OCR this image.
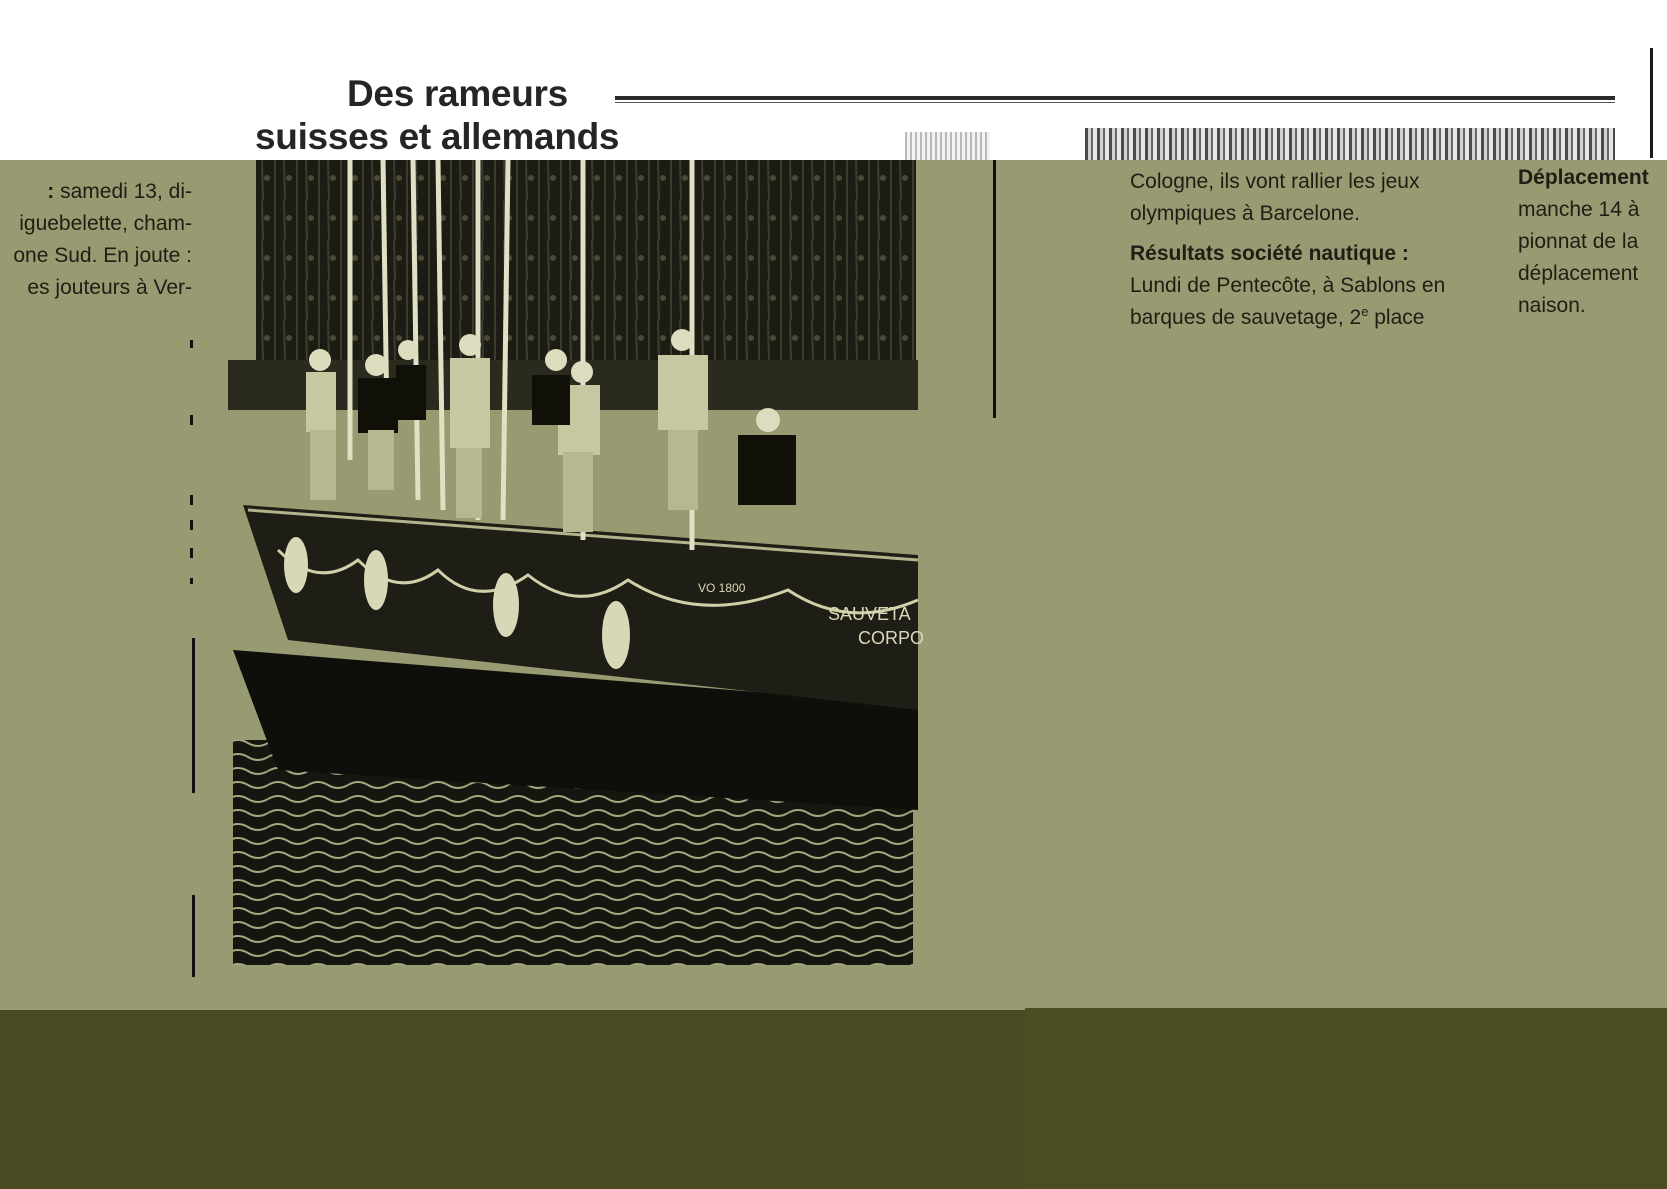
Des rameurs
suisses et allemands
: samedi 13, di-
iguebelette, cham-
one Sud. En joute :
es jouteurs à Ver-
SAUVETA
CORPO
VO 1800
Cologne, ils vont rallier les jeux
olympiques à Barcelone.
Résultats société nautique :
Lundi de Pentecôte, à Sablons en
barques de sauvetage, 2e place
Déplacement
manche 14 à
pionnat de la
déplacement
naison.
